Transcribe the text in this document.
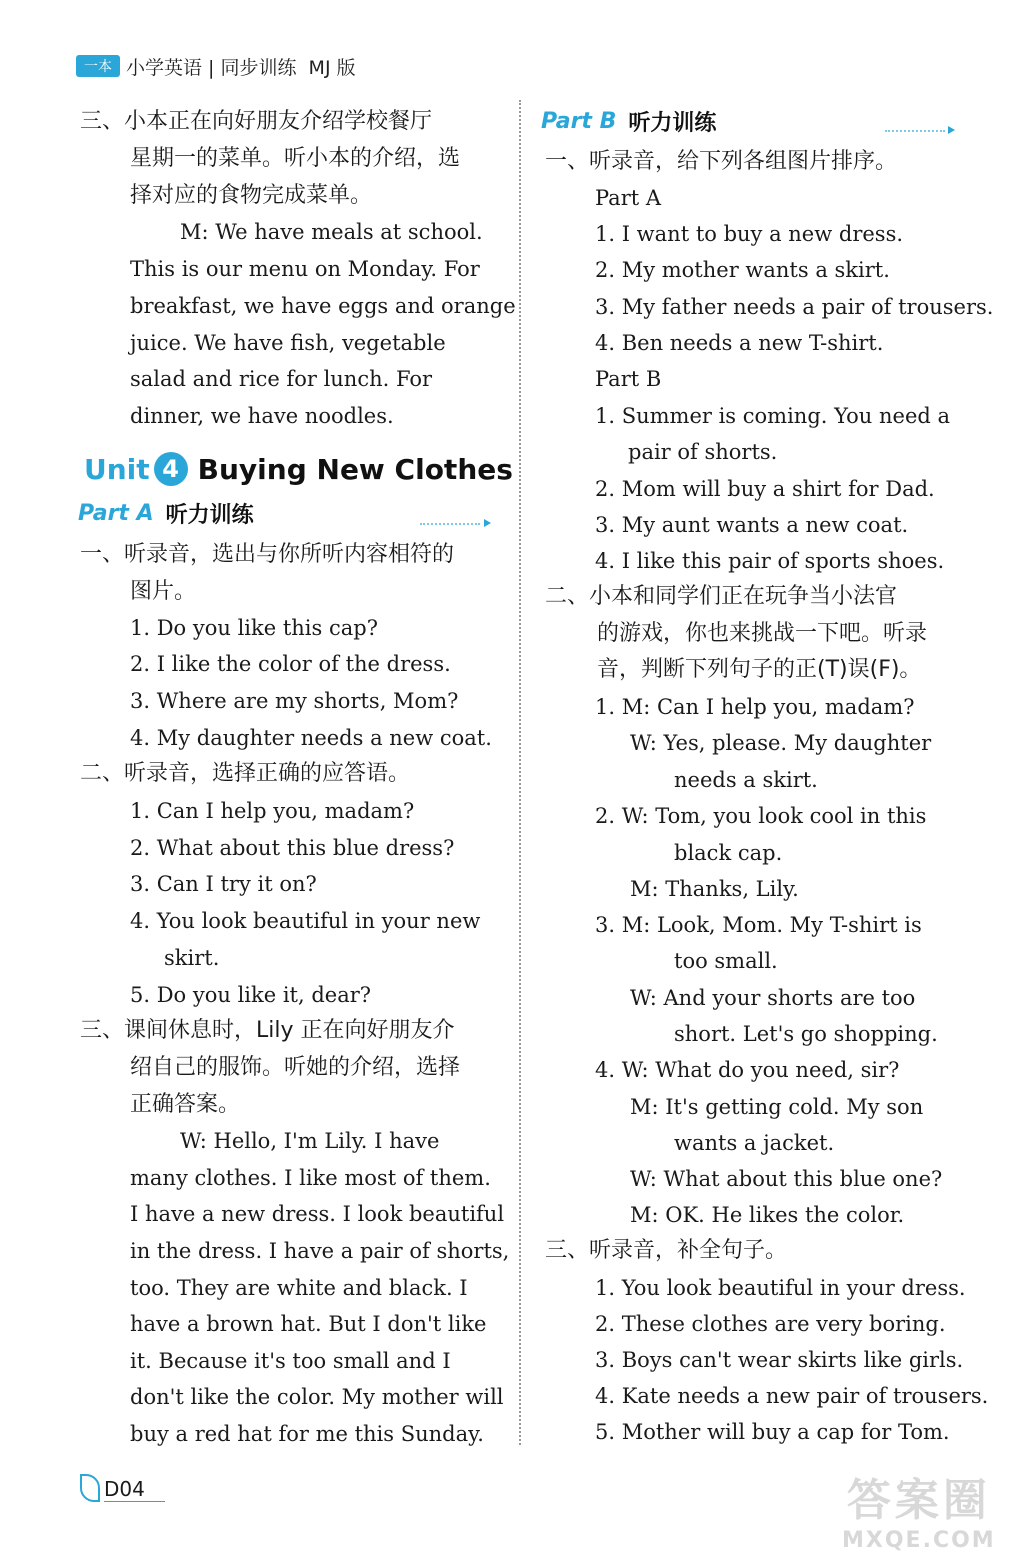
一本 小学英语 | 同步训练  MJ 版
三、小本正在向好朋友介绍学校餐厅
星期一的菜单。听小本的介绍，选
择对应的食物完成菜单。
M: We have meals at school.
This is our menu on Monday. For
breakfast, we have eggs and orange
juice. We have fish, vegetable
salad and rice for lunch. For
dinner, we have noodles.
Unit 4 Buying New Clothes
Part A 听力训练
一、听录音，选出与你所听内容相符的
图片。
1. Do you like this cap?
2. I like the color of the dress.
3. Where are my shorts, Mom?
4. My daughter needs a new coat.
二、听录音，选择正确的应答语。
1. Can I help you, madam?
2. What about this blue dress?
3. Can I try it on?
4. You look beautiful in your new
skirt.
5. Do you like it, dear?
三、课间休息时，Lily 正在向好朋友介
绍自己的服饰。听她的介绍，选择
正确答案。
W: Hello, I'm Lily. I have
many clothes. I like most of them.
I have a new dress. I look beautiful
in the dress. I have a pair of shorts,
too. They are white and black. I
have a brown hat. But I don't like
it. Because it's too small and I
don't like the color. My mother will
buy a red hat for me this Sunday.
Part B 听力训练
一、听录音，给下列各组图片排序。
Part A
1. I want to buy a new dress.
2. My mother wants a skirt.
3. My father needs a pair of trousers.
4. Ben needs a new T-shirt.
Part B
1. Summer is coming. You need a
pair of shorts.
2. Mom will buy a shirt for Dad.
3. My aunt wants a new coat.
4. I like this pair of sports shoes.
二、小本和同学们正在玩争当小法官
的游戏，你也来挑战一下吧。听录
音，判断下列句子的正(T)误(F)。
1. M: Can I help you, madam?
W: Yes, please. My daughter
needs a skirt.
2. W: Tom, you look cool in this
black cap.
M: Thanks, Lily.
3. M: Look, Mom. My T-shirt is
too small.
W: And your shorts are too
short. Let's go shopping.
4. W: What do you need, sir?
M: It's getting cold. My son
wants a jacket.
W: What about this blue one?
M: OK. He likes the color.
三、听录音，补全句子。
1. You look beautiful in your dress.
2. These clothes are very boring.
3. Boys can't wear skirts like girls.
4. Kate needs a new pair of trousers.
5. Mother will buy a cap for Tom.
D04	答案圈
MXQE.COM
